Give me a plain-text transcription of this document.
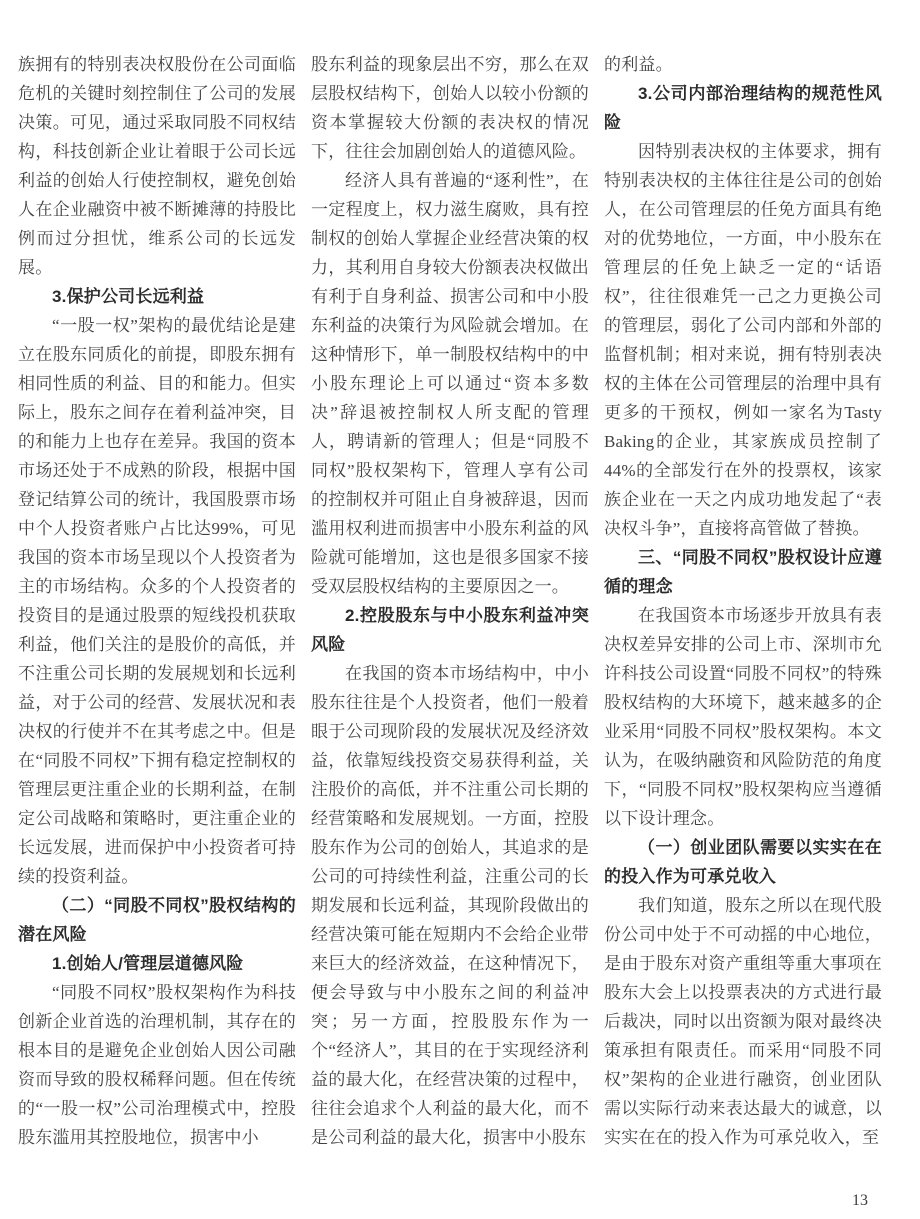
族拥有的特别表决权股份在公司面临危机的关键时刻控制住了公司的发展决策。可见，通过采取同股不同权结构，科技创新企业让着眼于公司长远利益的创始人行使控制权，避免创始人在企业融资中被不断摊薄的持股比例而过分担忧，维系公司的长远发展。

3.保护公司长远利益

“一股一权”架构的最优结论是建立在股东同质化的前提，即股东拥有相同性质的利益、目的和能力。但实际上，股东之间存在着利益冲突，目的和能力上也存在差异。我国的资本市场还处于不成熟的阶段，根据中国登记结算公司的统计，我国股票市场中个人投资者账户占比达99%，可见我国的资本市场呈现以个人投资者为主的市场结构。众多的个人投资者的投资目的是通过股票的短线投机获取利益，他们关注的是股价的高低，并不注重公司长期的发展规划和长远利益，对于公司的经营、发展状况和表决权的行使并不在其考虑之中。但是在“同股不同权”下拥有稳定控制权的管理层更注重企业的长期利益，在制定公司战略和策略时，更注重企业的长远发展，进而保护中小投资者可持续的投资利益。

（二）“同股不同权”股权结构的潜在风险
1.创始人/管理层道德风险

“同股不同权”股权架构作为科技创新企业首选的治理机制，其存在的根本目的是避免企业创始人因公司融资而导致的股权稀释问题。但在传统的“一股一权”公司治理模式中，控股股东滥用其控股地位，损害中小

股东利益的现象层出不穷，那么在双层股权结构下，创始人以较小份额的资本掌握较大份额的表决权的情况下，往往会加剧创始人的道德风险。

经济人具有普遍的“逐利性”，在一定程度上，权力滋生腐败，具有控制权的创始人掌握企业经营决策的权力，其利用自身较大份额表决权做出有利于自身利益、损害公司和中小股东利益的决策行为风险就会增加。在这种情形下，单一制股权结构中的中小股东理论上可以通过“资本多数决”辞退被控制权人所支配的管理人，聘请新的管理人；但是“同股不同权”股权架构下，管理人享有公司的控制权并可阻止自身被辞退，因而滥用权利进而损害中小股东利益的风险就可能增加，这也是很多国家不接受双层股权结构的主要原因之一。

2.控股股东与中小股东利益冲突风险

在我国的资本市场结构中，中小股东往往是个人投资者，他们一般着眼于公司现阶段的发展状况及经济效益，依靠短线投资交易获得利益，关注股价的高低，并不注重公司长期的经营策略和发展规划。一方面，控股股东作为公司的创始人，其追求的是公司的可持续性利益，注重公司的长期发展和长远利益，其现阶段做出的经营决策可能在短期内不会给企业带来巨大的经济效益，在这种情况下，便会导致与中小股东之间的利益冲突；另一方面，控股股东作为一个“经济人”，其目的在于实现经济利益的最大化，在经营决策的过程中，往往会追求个人利益的最大化，而不是公司利益的最大化，损害中小股东

的利益。

3.公司内部治理结构的规范性风险

因特别表决权的主体要求，拥有特别表决权的主体往往是公司的创始人，在公司管理层的任免方面具有绝对的优势地位，一方面，中小股东在管理层的任免上缺乏一定的“话语权”，往往很难凭一己之力更换公司的管理层，弱化了公司内部和外部的监督机制；相对来说，拥有特别表决权的主体在公司管理层的治理中具有更多的干预权，例如一家名为Tasty Baking的企业，其家族成员控制了44%的全部发行在外的投票权，该家族企业在一天之内成功地发起了“表决权斗争”，直接将高管做了替换。

三、“同股不同权”股权设计应遵循的理念

在我国资本市场逐步开放具有表决权差异安排的公司上市、深圳市允许科技公司设置“同股不同权”的特殊股权结构的大环境下，越来越多的企业采用“同股不同权”股权架构。本文认为，在吸纳融资和风险防范的角度下，“同股不同权”股权架构应当遵循以下设计理念。

（一）创业团队需要以实实在在的投入作为可承兑收入

我们知道，股东之所以在现代股份公司中处于不可动摇的中心地位，是由于股东对资产重组等重大事项在股东大会上以投票表决的方式进行最后裁决，同时以出资额为限对最终决策承担有限责任。而采用“同股不同权”架构的企业进行融资，创业团队需以实际行动来表达最大的诚意，以实实在在的投入作为可承兑收入，至

13
